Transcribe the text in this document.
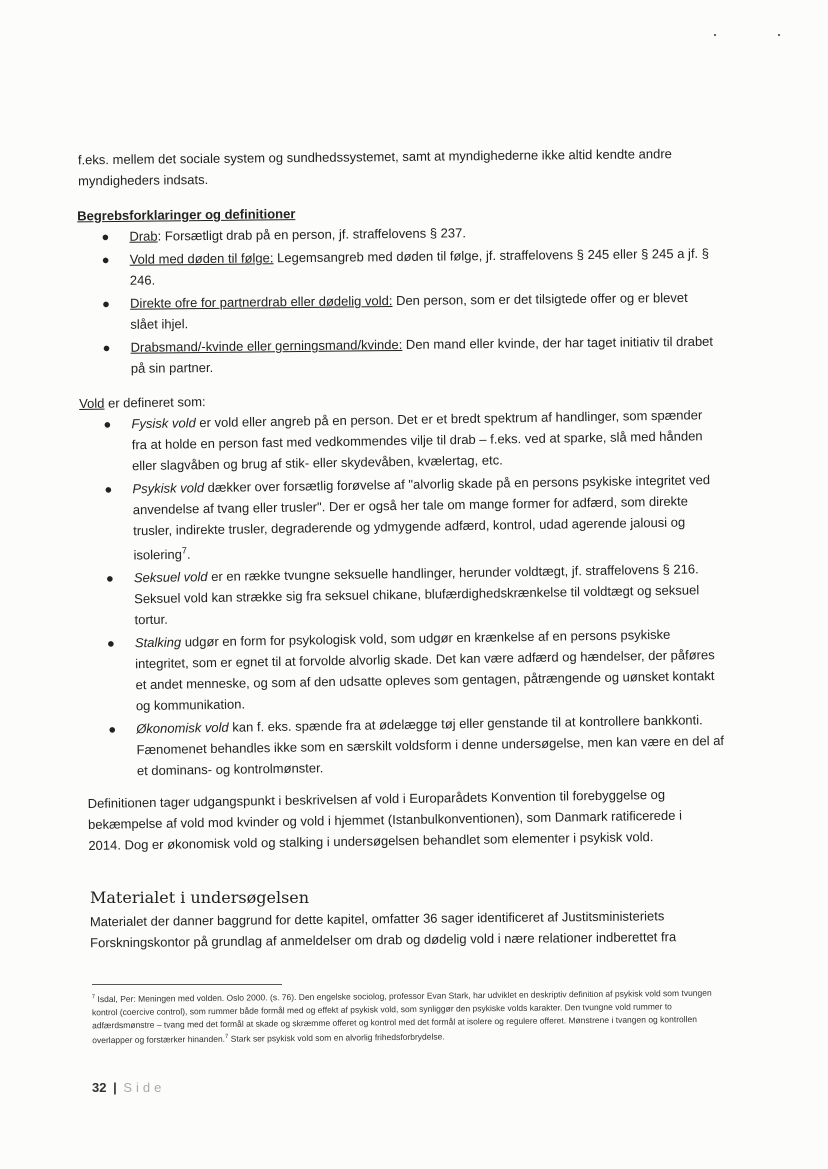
f.eks. mellem det sociale system og sundhedssystemet, samt at myndighederne ikke altid kendte andre
myndigheders indsats.
Begrebsforklaringer og definitioner
● Drab: Forsætligt drab på en person, jf. straffelovens § 237.
● Vold med døden til følge: Legemsangreb med døden til følge, jf. straffelovens § 245 eller § 245 a jf. § 246.
● Direkte ofre for partnerdrab eller dødelig vold: Den person, som er det tilsigtede offer og er blevet slået ihjel.
● Drabsmand/-kvinde eller gerningsmand/kvinde: Den mand eller kvinde, der har taget initiativ til drabet på sin partner.
Vold er defineret som:
● Fysisk vold er vold eller angreb på en person. Det er et bredt spektrum af handlinger, som spænder fra at holde en person fast med vedkommendes vilje til drab – f.eks. ved at sparke, slå med hånden eller slagvåben og brug af stik- eller skydevåben, kvælertag, etc.
● Psykisk vold dækker over forsætlig forøvelse af "alvorlig skade på en persons psykiske integritet ved anvendelse af tvang eller trusler". Der er også her tale om mange former for adfærd, som direkte trusler, indirekte trusler, degraderende og ydmygende adfærd, kontrol, udad agerende jalousi og isolering$^7$.
● Seksuel vold er en række tvungne seksuelle handlinger, herunder voldtægt, jf. straffelovens § 216. Seksuel vold kan strække sig fra seksuel chikane, blufærdighedskrænkelse til voldtægt og seksuel tortur.
● Stalking udgør en form for psykologisk vold, som udgør en krænkelse af en persons psykiske integritet, som er egnet til at forvolde alvorlig skade. Det kan være adfærd og hændelser, der påføres et andet menneske, og som af den udsatte opleves som gentagen, påtrængende og uønsket kontakt og kommunikation.
● Økonomisk vold kan f. eks. spænde fra at ødelægge tøj eller genstande til at kontrollere bankkonti. Fænomenet behandles ikke som en særskilt voldsform i denne undersøgelse, men kan være en del af et dominans- og kontrolmønster.
Definitionen tager udgangspunkt i beskrivelsen af vold i Europarådets Konvention til forebyggelse og bekæmpelse af vold mod kvinder og vold i hjemmet (Istanbulkonventionen), som Danmark ratificerede i 2014. Dog er økonomisk vold og stalking i undersøgelsen behandlet som elementer i psykisk vold.
Materialet i undersøgelsen
Materialet der danner baggrund for dette kapitel, omfatter 36 sager identificeret af Justitsministeriets Forskningskontor på grundlag af anmeldelser om drab og dødelig vold i nære relationer indberettet fra
$^7$ Isdal, Per: Meningen med volden. Oslo 2000. (s. 76). Den engelske sociolog, professor Evan Stark, har udviklet en deskriptiv definition af psykisk vold som tvungen kontrol (coercive control), som rummer både formål med og effekt af psykisk vold, som synliggør den psykiske volds karakter. Den tvungne vold rummer to adfærdsmønstre – tvang med det formål at skade og skræmme offeret og kontrol med det formål at isolere og regulere offeret. Mønstrene i tvangen og kontrollen overlapper og forstærker hinanden.$^7$ Stark ser psykisk vold som en alvorlig frihedsforbrydelse.
32 | Side
